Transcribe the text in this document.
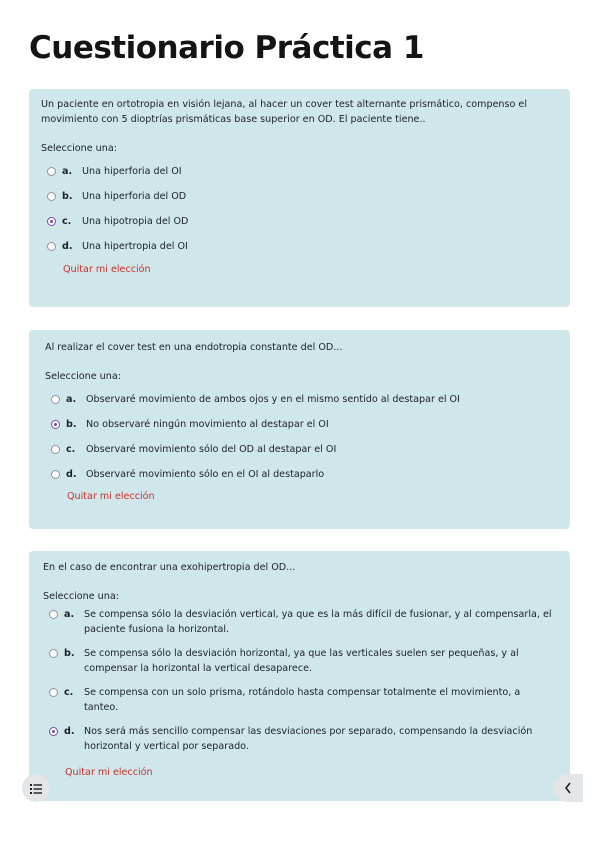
Cuestionario Práctica 1

Un paciente en ortotropia en visión lejana, al hacer un cover test alternante prismático, compenso el movimiento con 5 dioptrías prismáticas base superior en OD. El paciente tiene..

Seleccione una:
a.	Una hiperforia del OI
b. Una hiperforia del OD
c.	Una hipotropia del OD
d. Una hipertropia del OI
Quitar mi elección

Al realizar el cover test en una endotropia constante del OD...

Seleccione una:
a.	Observaré movimiento de ambos ojos y en el mismo sentido al destapar el OI
b. No observaré ningún movimiento al destapar el OI
c.	Observaré movimiento sólo del OD al destapar el OI
d. Observaré movimiento sólo en el OI al destaparlo
Quitar mi elección

En el caso de encontrar una exohipertropia del OD...

Seleccione una:
a.	Se compensa sólo la desviación vertical, ya que es la más difícil de fusionar, y al compensarla, el paciente fusiona la horizontal.
b. Se compensa sólo la desviación horizontal, ya que las verticales suelen ser pequeñas, y al compensar la horizontal la vertical desaparece.
c.	Se compensa con un solo prisma, rotándolo hasta compensar totalmente el movimiento, a tanteo.
d. Nos será más sencillo compensar las desviaciones por separado, compensando la desviación horizontal y vertical por separado.
Quitar mi elección
